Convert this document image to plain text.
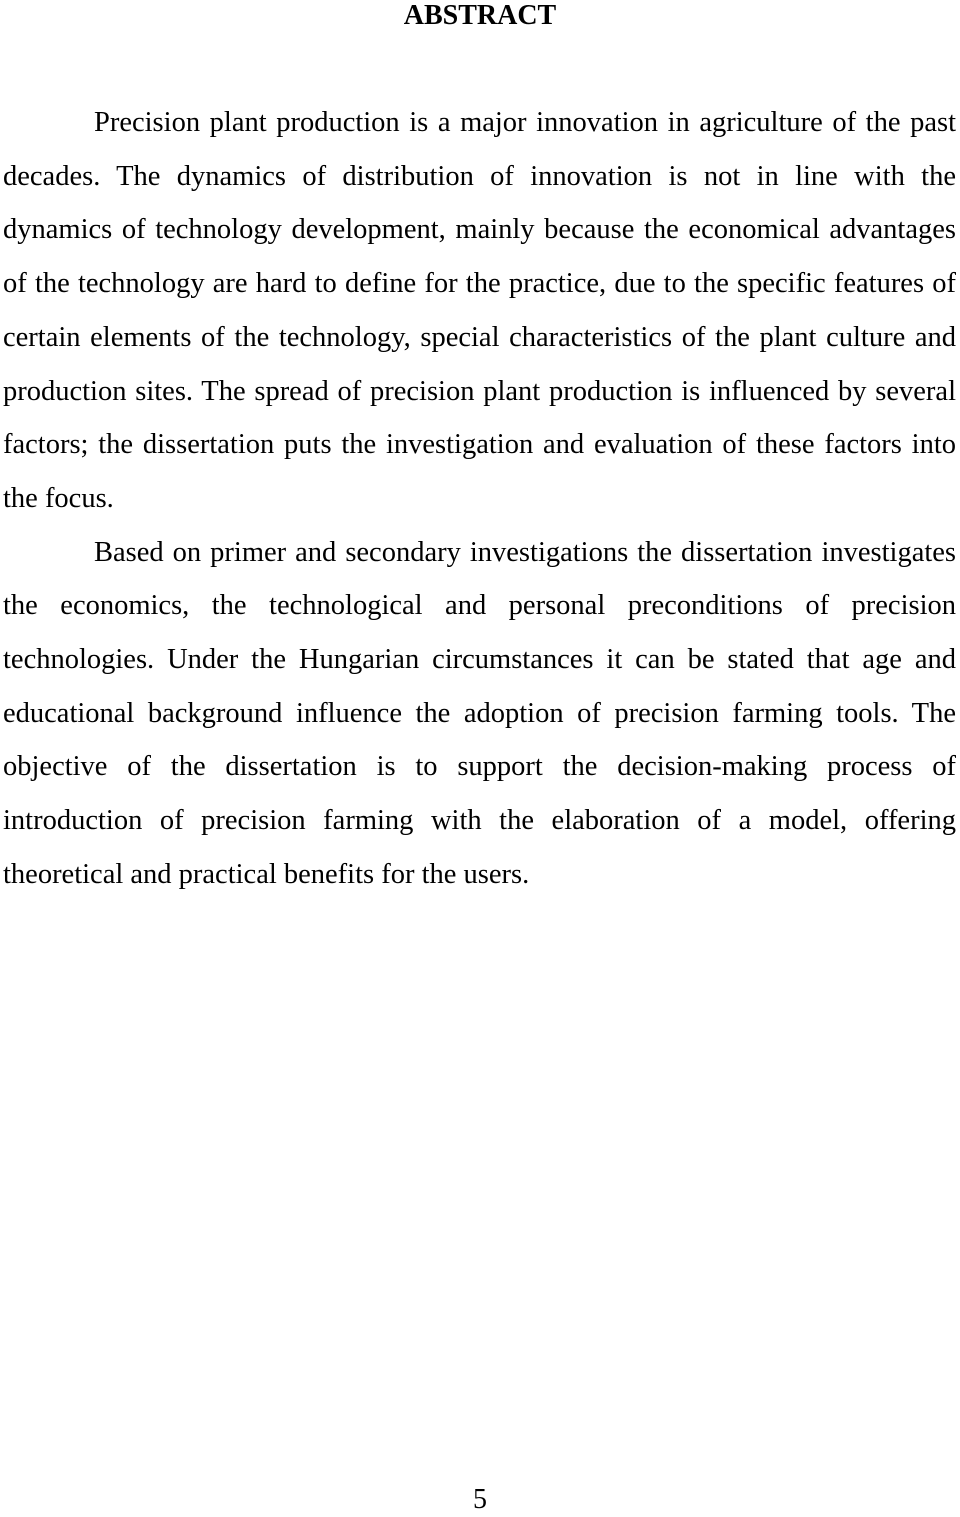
ABSTRACT

Precision plant production is a major innovation in agriculture of the past decades. The dynamics of distribution of innovation is not in line with the dynamics of technology development, mainly because the economical advantages of the technology are hard to define for the practice, due to the specific features of certain elements of the technology, special characteristics of the plant culture and production sites. The spread of precision plant production is influenced by several factors; the dissertation puts the investigation and evaluation of these factors into the focus.

Based on primer and secondary investigations the dissertation investigates the economics, the technological and personal preconditions of precision technologies. Under the Hungarian circumstances it can be stated that age and educational background influence the adoption of precision farming tools. The objective of the dissertation is to support the decision-making process of introduction of precision farming with the elaboration of a model, offering theoretical and practical benefits for the users.

5
